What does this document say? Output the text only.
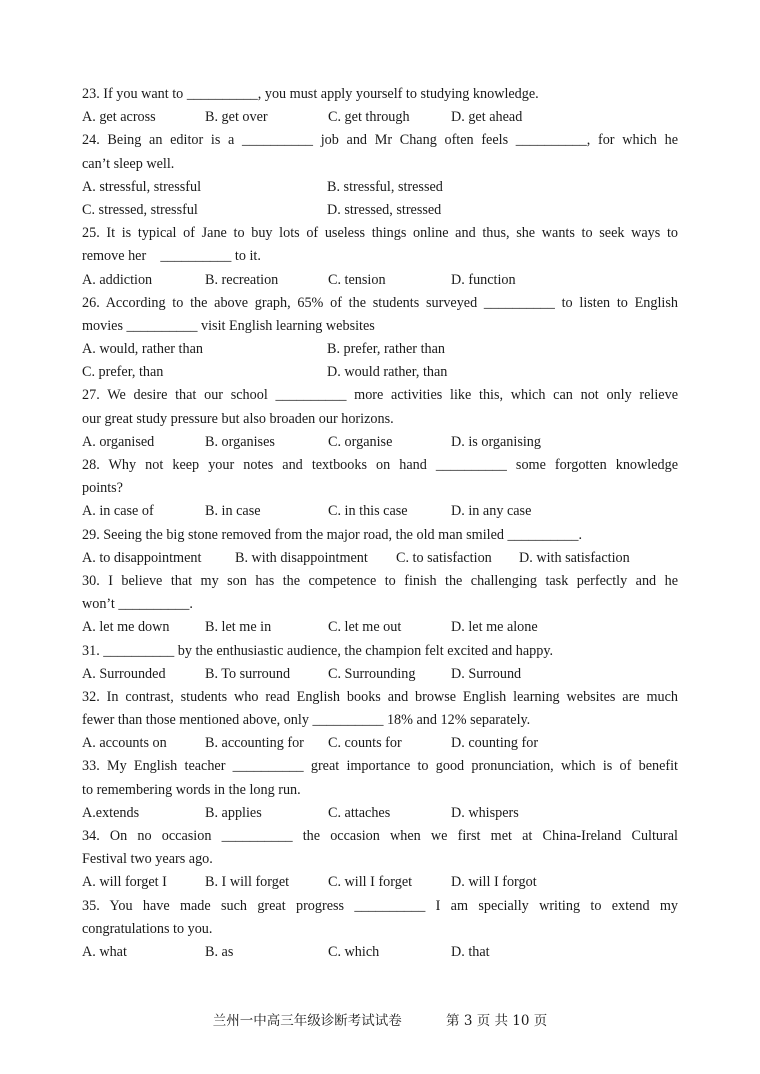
23. If you want to __________, you must apply yourself to studying knowledge.
A. get across	B. get over	C. get through	D. get ahead
24. Being an editor is a __________ job and Mr Chang often feels __________, for which he
can’t sleep well.
A. stressful, stressful	B. stressful, stressed
C. stressed, stressful	D. stressed, stressed
25. It is typical of Jane to buy lots of useless things online and thus, she wants to seek ways to
remove her    __________ to it.
A. addiction	B. recreation	C. tension	D. function
26. According to the above graph, 65% of the students surveyed __________ to listen to English
movies __________ visit English learning websites
A. would, rather than	B. prefer, rather than
C. prefer, than	D. would rather, than
27. We desire that our school __________ more activities like this, which can not only relieve
our great study pressure but also broaden our horizons.
A. organised	B. organises	C. organise	D. is organising
28. Why not keep your notes and textbooks on hand __________ some forgotten knowledge
points?
A. in case of	B. in case	C. in this case	D. in any case
29. Seeing the big stone removed from the major road, the old man smiled __________.
A. to disappointment	B. with disappointment	C. to satisfaction	D. with satisfaction
30. I believe that my son has the competence to finish the challenging task perfectly and he
won’t __________.
A. let me down	B. let me in	C. let me out	D. let me alone
31. __________ by the enthusiastic audience, the champion felt excited and happy.
A. Surrounded	B. To surround	C. Surrounding	D. Surround
32. In contrast, students who read English books and browse English learning websites are much
fewer than those mentioned above, only __________ 18% and 12% separately.
A. accounts on	B. accounting for	C. counts for	D. counting for
33. My English teacher __________ great importance to good pronunciation, which is of benefit
to remembering words in the long run.
A.extends	B. applies	C. attaches	D. whispers
34. On no occasion __________ the occasion when we first met at China-Ireland Cultural
Festival two years ago.
A. will forget I	B. I will forget	C. will I forget	D. will I forgot
35. You have made such great progress __________ I am specially writing to extend my
congratulations to you.
A. what	B. as	C. which	D. that
兰州一中高三年级诊断考试试卷	第 3 页 共 10 页
